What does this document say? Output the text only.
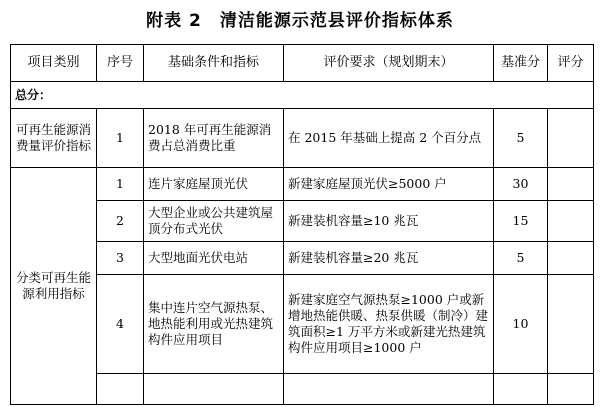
附表 2　清洁能源示范县评价指标体系
项目类别	序号	基础条件和指标	评价要求（规划期末）	基准分	评分
总分：					
可再生能源消费量评价指标	1	2018 年可再生能源消费占总消费比重	在 2015 年基础上提高 2 个百分点	5	
分类可再生能源利用指标	1	连片家庭屋顶光伏	新建家庭屋顶光伏≥5000 户	30	
	2	大型企业或公共建筑屋顶分布式光伏	新建装机容量≥10 兆瓦	15	
	3	大型地面光伏电站	新建装机容量≥20 兆瓦	5	
	4	集中连片空气源热泵、地热能利用或光热建筑构件应用项目	新建家庭空气源热泵≥1000 户或新增地热能供暖、热泵供暖（制冷）建筑面积≥1 万平方米或新建光热建筑构件应用项目≥1000 户	10	
